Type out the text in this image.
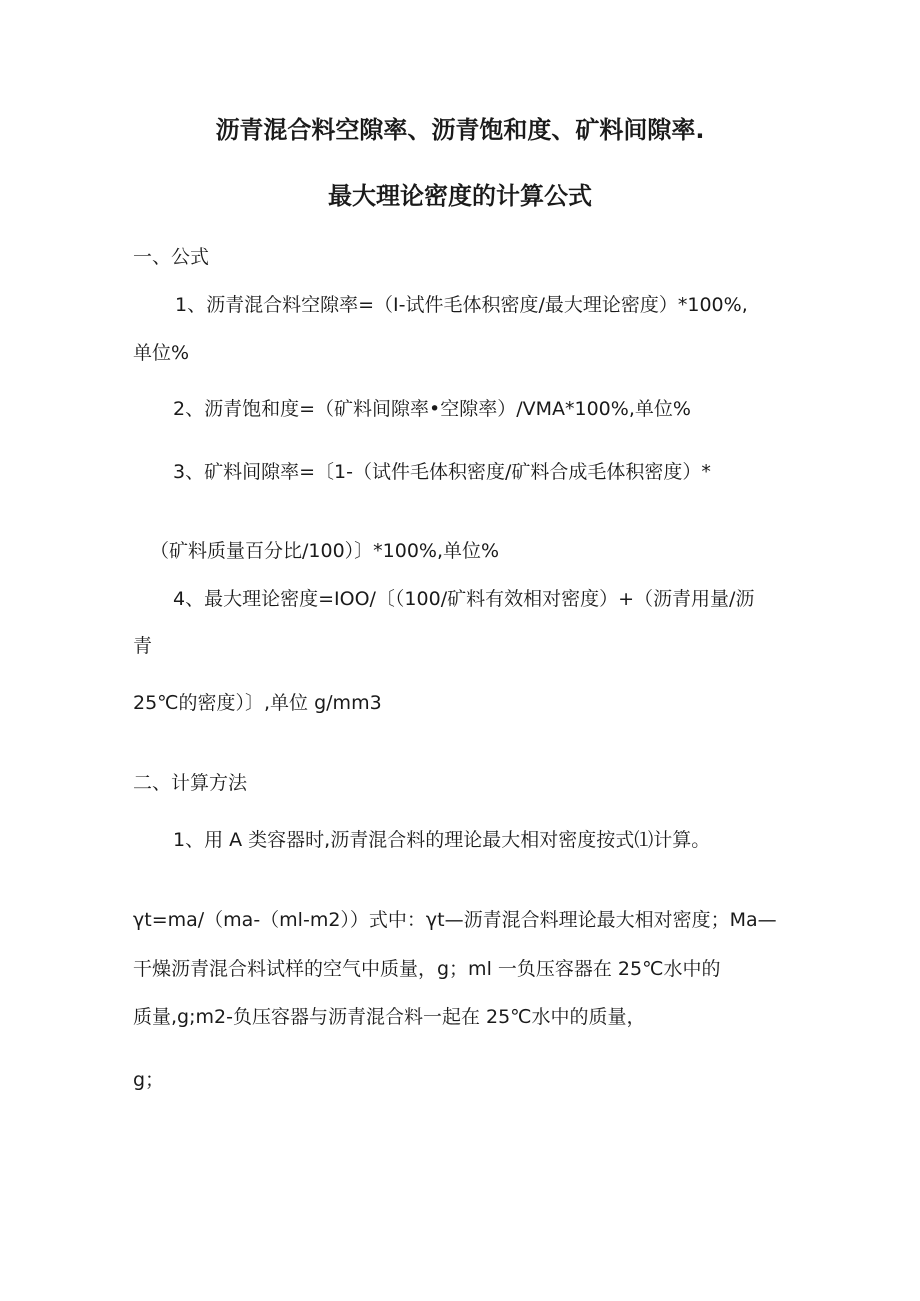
沥青混合料空隙率、沥青饱和度、矿料间隙率.
最大理论密度的计算公式
一、公式
1、沥青混合料空隙率=（I-试件毛体积密度/最大理论密度）*100%,
单位%
2、沥青饱和度=（矿料间隙率•空隙率）/VMA*100%,单位%
3、矿料间隙率=〔1-（试件毛体积密度/矿料合成毛体积密度）*
（矿料质量百分比/100）〕*100%,单位%
4、最大理论密度=IOO/〔（100/矿料有效相对密度）+（沥青用量/沥
青
25℃的密度）〕,单位 g∕mm3
二、计算方法
1、用 A 类容器时,沥青混合料的理论最大相对密度按式⑴计算。
γt=ma∕（ma-（ml-m2））式中：γt—沥青混合料理论最大相对密度；Ma—
干燥沥青混合料试样的空气中质量，g；ml 一负压容器在 25℃水中的
质量,g;m2-负压容器与沥青混合料一起在 25℃水中的质量，
g；
